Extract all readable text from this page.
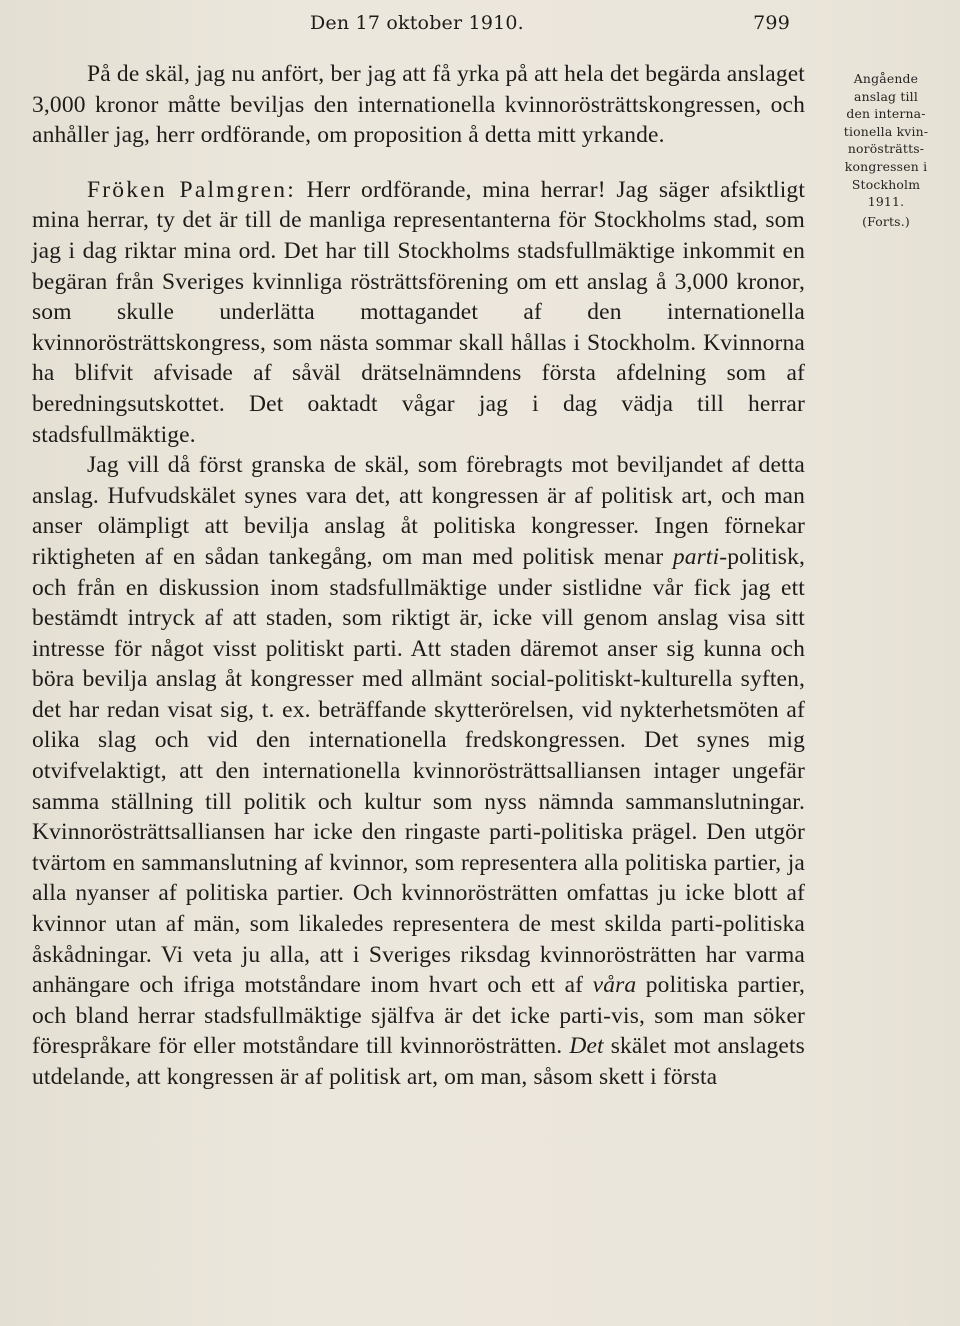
Den 17 oktober 1910.	799
Angående
anslag till
den interna-
tionella kvin-
norösträtts-
kongressen i
Stockholm
1911.
(Forts.)

På de skäl, jag nu anfört, ber jag att få yrka på att hela det begärda anslaget 3,000 kronor måtte beviljas den internationella kvinnorösträttskongressen, och anhåller jag, herr ordförande, om proposition å detta mitt yrkande.

Fröken Palmgren: Herr ordförande, mina herrar! Jag säger afsiktligt mina herrar, ty det är till de manliga representanterna för Stockholms stad, som jag i dag riktar mina ord. Det har till Stockholms stadsfullmäktige inkommit en begäran från Sveriges kvinnliga rösträttsförening om ett anslag å 3,000 kronor, som skulle underlätta mottagandet af den internationella kvinnorösträttskongress, som nästa sommar skall hållas i Stockholm. Kvinnorna ha blifvit afvisade af såväl drätselnämndens första afdelning som af beredningsutskottet. Det oaktadt vågar jag i dag vädja till herrar stadsfullmäktige.

Jag vill då först granska de skäl, som förebragts mot beviljandet af detta anslag. Hufvudskälet synes vara det, att kongressen är af politisk art, och man anser olämpligt att bevilja anslag åt politiska kongresser. Ingen förnekar riktigheten af en sådan tankegång, om man med politisk menar parti-politisk, och från en diskussion inom stadsfullmäktige under sistlidne vår fick jag ett bestämdt intryck af att staden, som riktigt är, icke vill genom anslag visa sitt intresse för något visst politiskt parti. Att staden däremot anser sig kunna och böra bevilja anslag åt kongresser med allmänt social-politiskt-kulturella syften, det har redan visat sig, t. ex. beträffande skytterörelsen, vid nykterhetsmöten af olika slag och vid den internationella fredskongressen. Det synes mig otvifvelaktigt, att den internationella kvinnorösträttsalliansen intager ungefär samma ställning till politik och kultur som nyss nämnda sammanslutningar. Kvinnorösträttsalliansen har icke den ringaste parti-politiska prägel. Den utgör tvärtom en sammanslutning af kvinnor, som representera alla politiska partier, ja alla nyanser af politiska partier. Och kvinnorösträtten omfattas ju icke blott af kvinnor utan af män, som likaledes representera de mest skilda parti-politiska åskådningar. Vi veta ju alla, att i Sveriges riksdag kvinnorösträtten har varma anhängare och ifriga motståndare inom hvart och ett af våra politiska partier, och bland herrar stadsfullmäktige själfva är det icke parti-vis, som man söker förespråkare för eller motståndare till kvinnorösträtten. Det skälet mot anslagets utdelande, att kongressen är af politisk art, om man, såsom skett i första
